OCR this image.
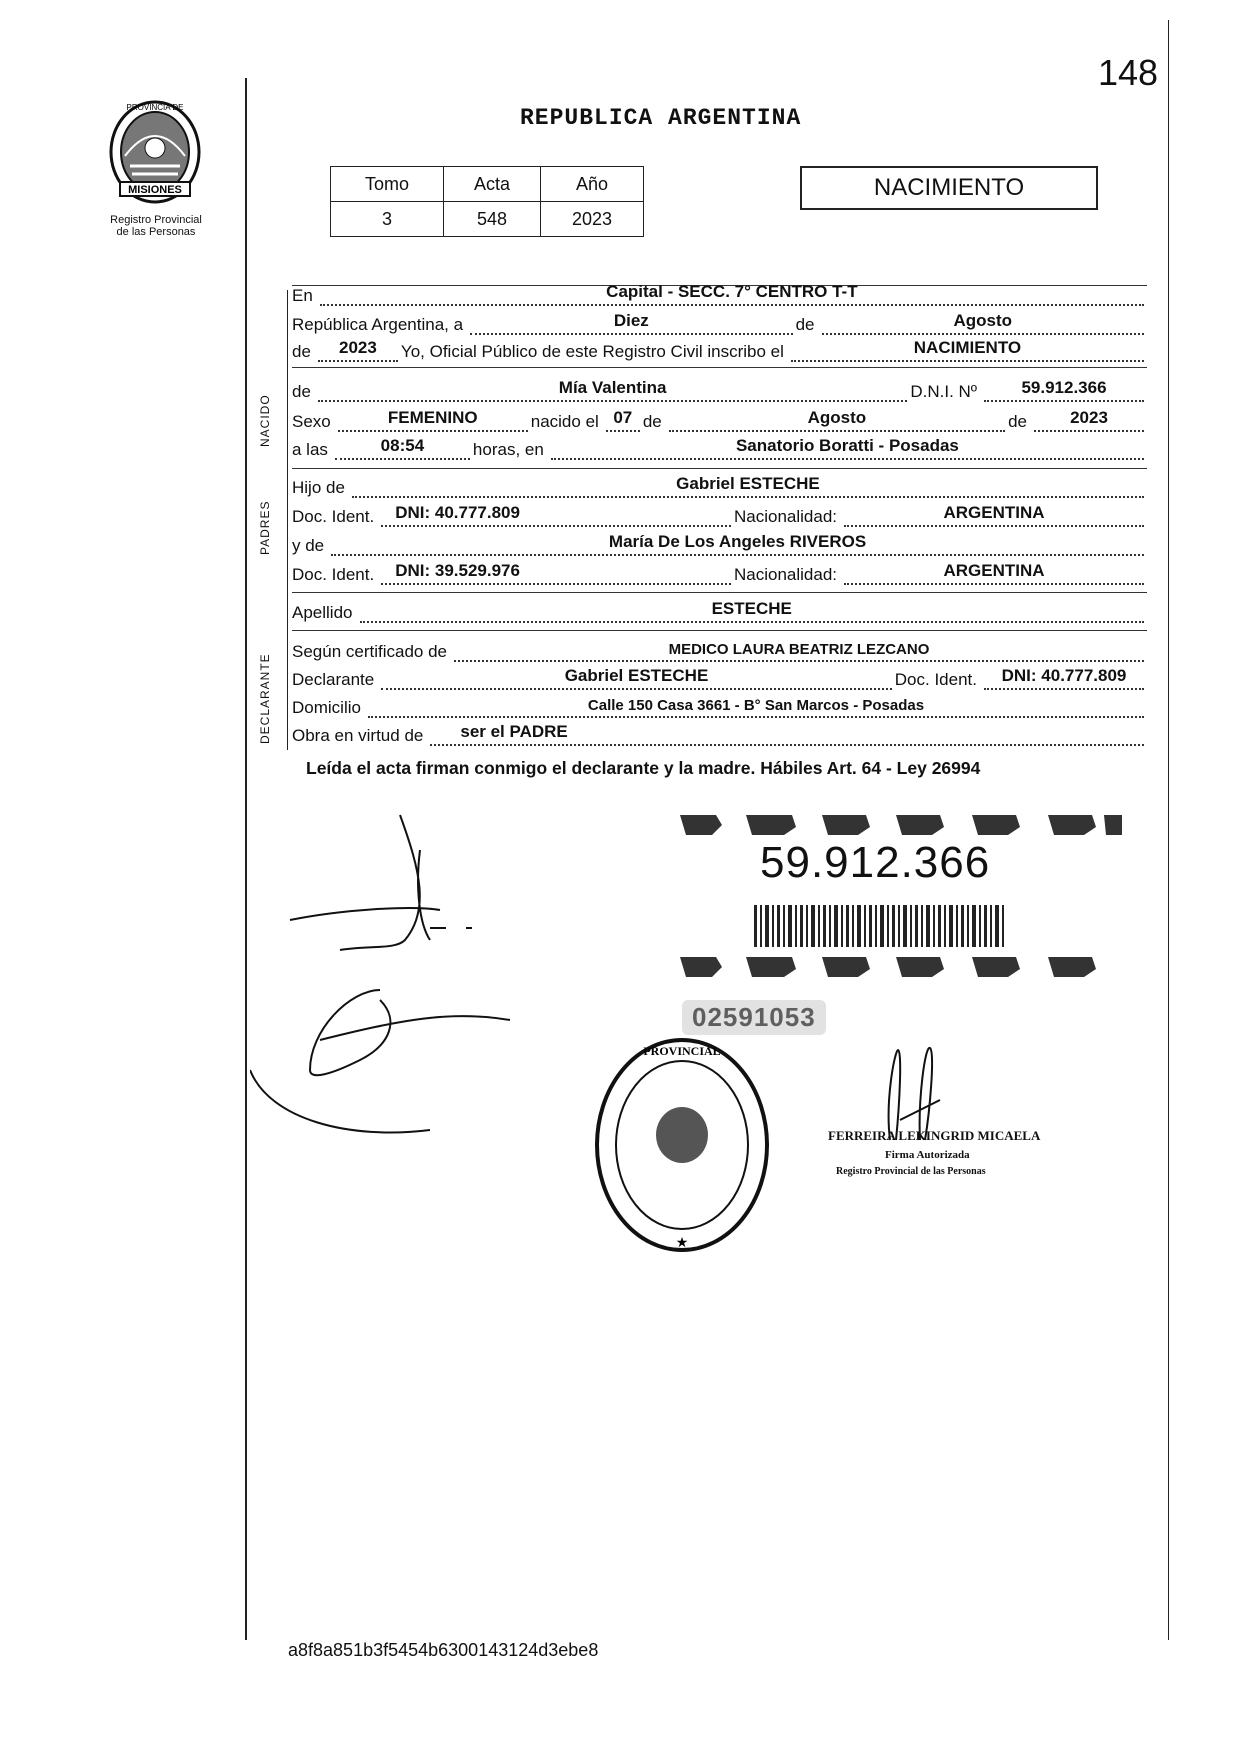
MISIONES
PROVINCIA DE
Registro Provincial
de las Personas
148
REPUBLICA ARGENTINA
Tomo	Acta	Año
3	548	2023
NACIMIENTO
En	Capital - SECC. 7° CENTRO T-T
República Argentina, a	Diez	de	Agosto
de	2023	Yo, Oficial Público de este Registro Civil inscribo el	NACIMIENTO
de	Mía Valentina	D.N.I. Nº	59.912.366
Sexo	FEMENINO	nacido el 07 de	Agosto	de	2023
a las	08:54	horas, en	Sanatorio Boratti - Posadas
Hijo de	Gabriel ESTECHE
Doc. Ident. DNI: 40.777.809	Nacionalidad:	ARGENTINA
y de	María De Los Angeles RIVEROS
Doc. Ident. DNI: 39.529.976	Nacionalidad:	ARGENTINA
Apellido	ESTECHE
Según certificado de	MEDICO LAURA BEATRIZ LEZCANO
Declarante	Gabriel ESTECHE	Doc. Ident.	DNI: 40.777.809
Domicilio	Calle 150 Casa 3661 - B° San Marcos - Posadas
Obra en virtud de ser el PADRE
NACIDO
PADRES
DECLARANTE
Leída el acta firman conmigo el declarante y la madre. Hábiles Art. 64 - Ley 26994
59.912.366
02591053
PROVINCIAL
★
FERREIRA LEKINGRID MICAELA
Firma Autorizada
Registro Provincial de las Personas
a8f8a851b3f5454b6300143124d3ebe8
